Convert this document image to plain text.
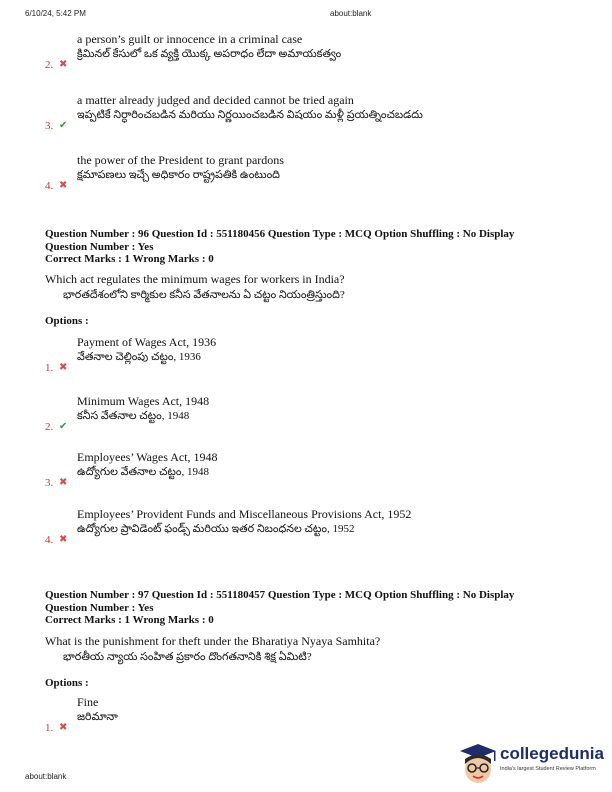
6/10/24, 5:42 PM	about:blank
a person’s guilt or innocence in a criminal case
క్రిమినల్ కేసులో ఒక వ్యక్తి యొక్క అపరాధం లేదా అమాయకత్వం
2. ✖
a matter already judged and decided cannot be tried again
ఇప్పటికే నిర్ధారించబడిన మరియు నిర్ణయించబడిన విషయం మళ్లీ ప్రయత్నించబడదు
3. ✔
the power of the President to grant pardons
క్షమాపణలు ఇచ్చే అధికారం రాష్ట్రపతికి ఉంటుంది
4. ✖
Question Number : 96 Question Id : 551180456 Question Type : MCQ Option Shuffling : No Display
Question Number : Yes
Correct Marks : 1 Wrong Marks : 0
Which act regulates the minimum wages for workers in India?
భారతదేశంలోని కార్మికుల కనీస వేతనాలను ఏ చట్టం నియంత్రిస్తుంది?
Options :
Payment of Wages Act, 1936
వేతనాల చెల్లింపు చట్టం, 1936
1. ✖
Minimum Wages Act, 1948
కనీస వేతనాల చట్టం, 1948
2. ✔
Employees’ Wages Act, 1948
ఉద్యోగుల వేతనాల చట్టం, 1948
3. ✖
Employees’ Provident Funds and Miscellaneous Provisions Act, 1952
ఉద్యోగుల ప్రావిడెంట్ ఫండ్స్ మరియు ఇతర నిబంధనల చట్టం, 1952
4. ✖
Question Number : 97 Question Id : 551180457 Question Type : MCQ Option Shuffling : No Display
Question Number : Yes
Correct Marks : 1 Wrong Marks : 0
What is the punishment for theft under the Bharatiya Nyaya Samhita?
భారతీయ న్యాయ సంహిత ప్రకారం దొంగతనానికి శిక్ష ఏమిటి?
Options :
Fine
జరిమానా
1. ✖
about:blank
collegedunia
India's largest Student Review Platform
